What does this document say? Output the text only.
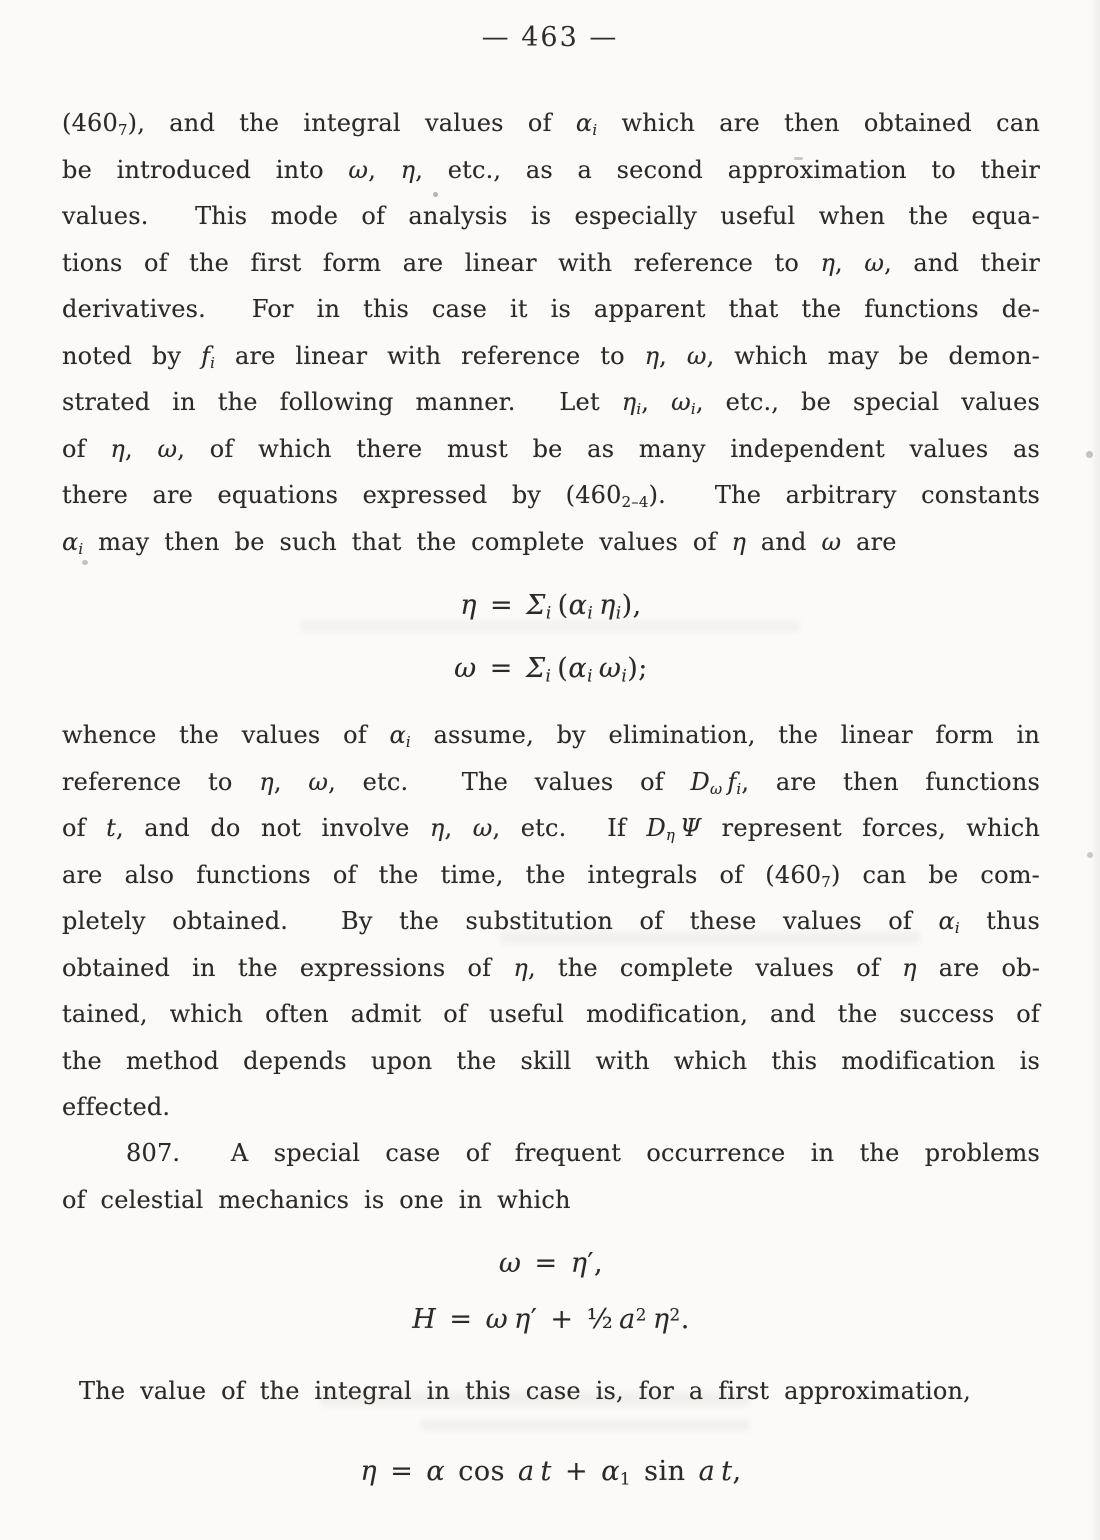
— 463 —
$(460_7)$, and the integral values of $\alpha_i$ which are then obtained can
be introduced into ω, η, etc., as a second approximation to their
values.  This mode of analysis is especially useful when the equa-
tions of the first form are linear with reference to η, ω, and their
derivatives.  For in this case it is apparent that the functions de-
noted by $f_i$ are linear with reference to η, ω, which may be demon-
strated in the following manner.  Let $\eta_i$, $\omega_i$, etc., be special values
of η, ω, of which there must be as many independent values as
there are equations expressed by $(460_{2-4})$.  The arbitrary constants
$\alpha_i$ may then be such that the complete values of η and ω are
$\eta = \Sigma_i$ ($\alpha_i$ $\eta_i$),
$\omega = \Sigma_i$ ($\alpha_i$ $\omega_i$);
whence the values of $\alpha_i$ assume, by elimination, the linear form in
reference to η, ω, etc.  The values of $D_\omega$ $f_i$, are then functions
of t, and do not involve η, ω, etc.  If $D_\eta$  Ψ represent forces, which
are also functions of the time, the integrals of $(460_7)$ can be com-
pletely obtained.  By the substitution of these values of $\alpha_i$ thus
obtained in the expressions of η, the complete values of η are ob-
tained, which often admit of useful modification, and the success of
the method depends upon the skill with which this modification is
effected.
807.  A special case of frequent occurrence in the problems
of celestial mechanics is one in which
ω = η′,
H = ω  η′ + ½ $a^2$  $\eta^2$.
The value of the integral in this case is, for a first approximation,
η = α cos a $t + \alpha_1$ sin a t,
